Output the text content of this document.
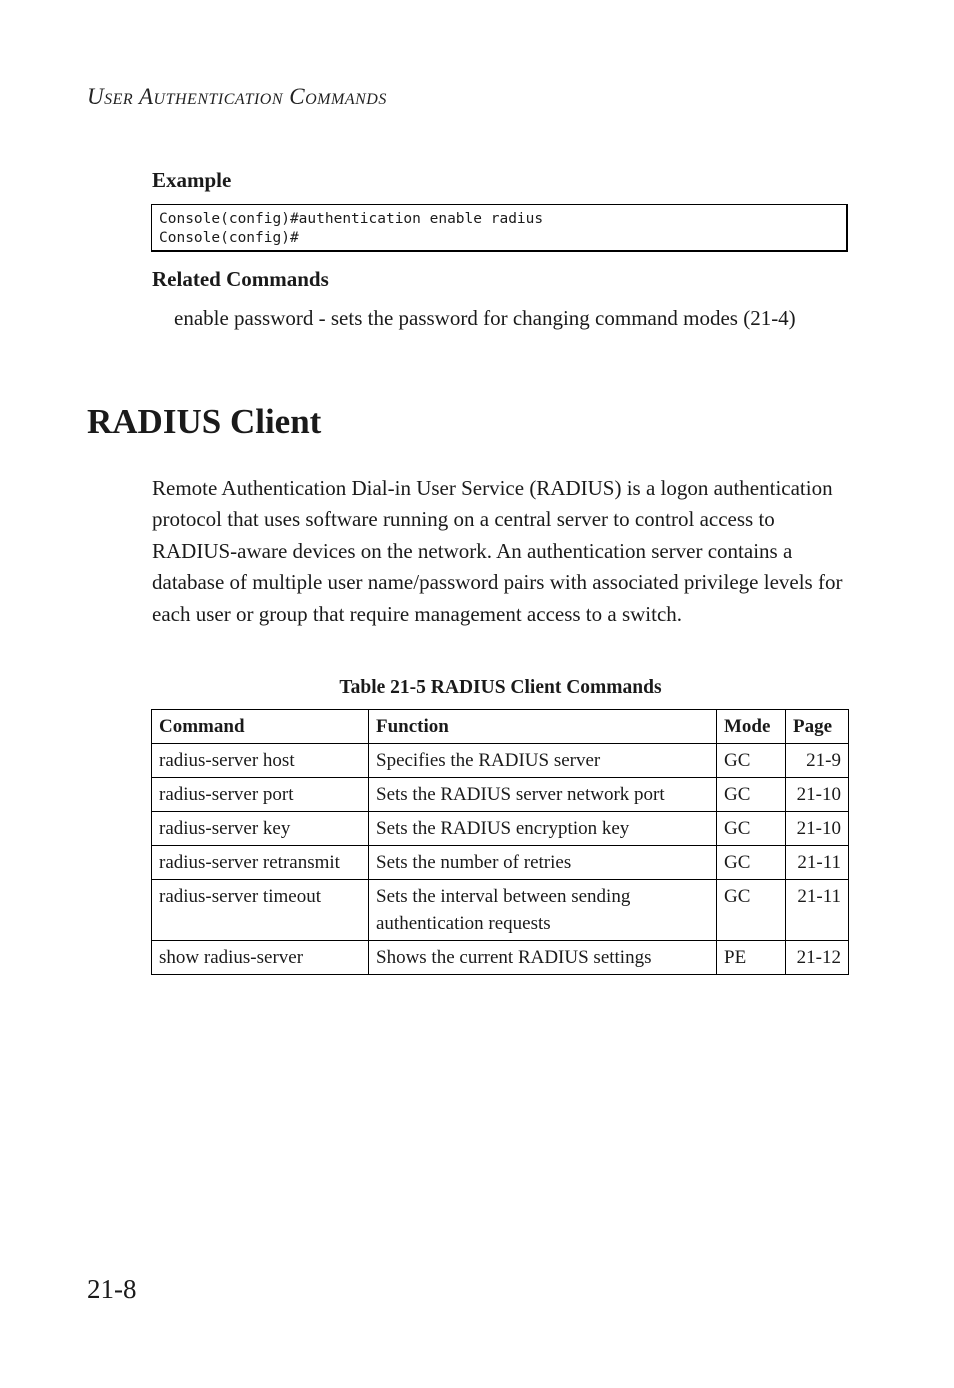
User Authentication Commands
Example
Console(config)#authentication enable radius
Console(config)#
Related Commands
enable password - sets the password for changing command modes (21-4)
RADIUS Client
Remote Authentication Dial-in User Service (RADIUS) is a logon authentication protocol that uses software running on a central server to control access to RADIUS-aware devices on the network. An authentication server contains a database of multiple user name/password pairs with associated privilege levels for each user or group that require management access to a switch.
Table 21-5 RADIUS Client Commands
Command	Function	Mode	Page
radius-server host	Specifies the RADIUS server	GC	21-9
radius-server port	Sets the RADIUS server network port	GC	21-10
radius-server key	Sets the RADIUS encryption key	GC	21-10
radius-server retransmit	Sets the number of retries	GC	21-11
radius-server timeout	Sets the interval between sending authentication requests	GC	21-11
show radius-server	Shows the current RADIUS settings	PE	21-12
21-8
